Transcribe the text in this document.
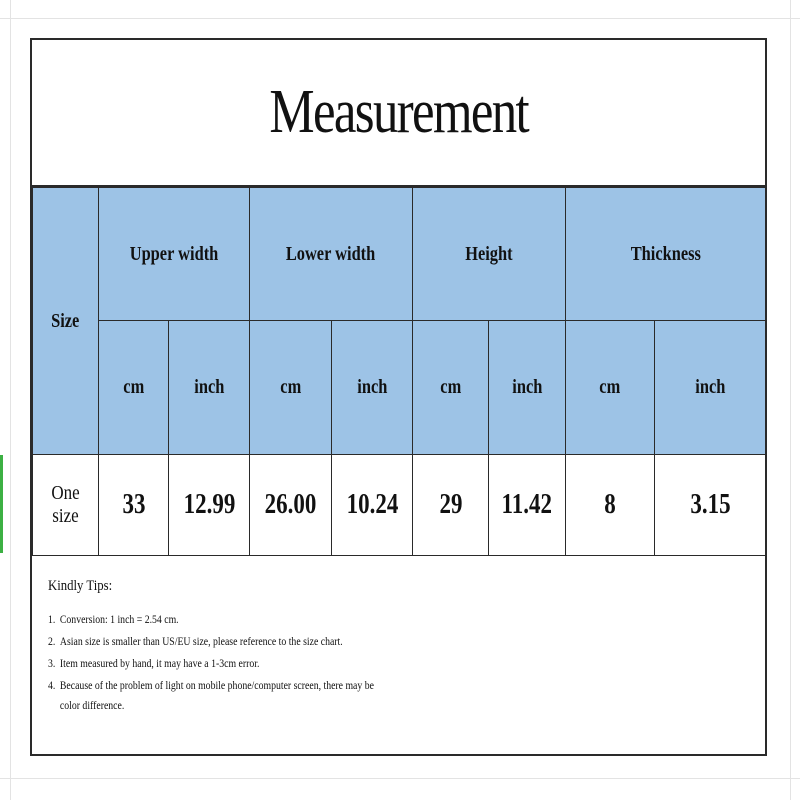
Measurement
Size	Upper width		Lower width		Height		Thickness	
	cm	inch	cm	inch	cm	inch	cm	inch
One size	33	12.99	26.00	10.24	29	11.42	8	3.15
Kindly Tips:
1. Conversion: 1 inch = 2.54 cm.
2. Asian size is smaller than US/EU size, please reference to the size chart.
3. Item measured by hand, it may have a 1-3cm error.
4. Because of the problem of light on mobile phone/computer screen, there may be
color difference.
